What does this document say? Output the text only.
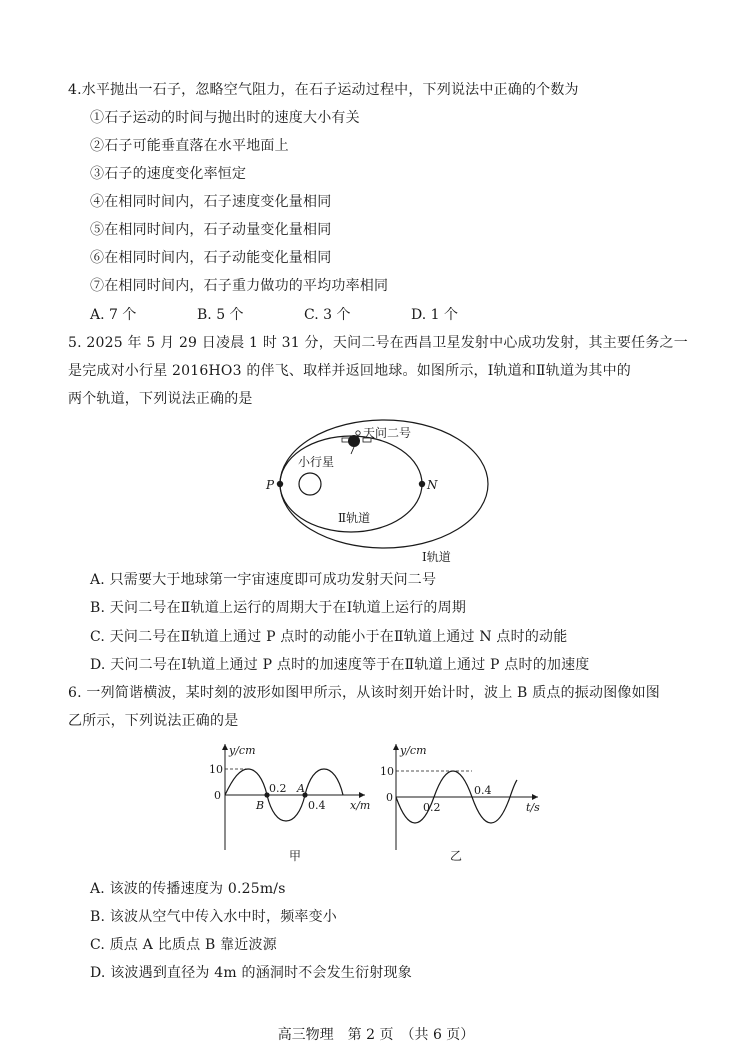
4.水平抛出一石子，忽略空气阻力，在石子运动过程中，下列说法中正确的个数为
①石子运动的时间与抛出时的速度大小有关
②石子可能垂直落在水平地面上
③石子的速度变化率恒定
④在相同时间内，石子速度变化量相同
⑤在相同时间内，石子动量变化量相同
⑥在相同时间内，石子动能变化量相同
⑦在相同时间内，石子重力做功的平均功率相同
A. 7 个	B. 5 个	C. 3 个	D. 1 个
5. 2025 年 5 月 29 日凌晨 1 时 31 分，天问二号在西昌卫星发射中心成功发射，其主要任务之一
是完成对小行星 2016HO3 的伴飞、取样并返回地球。如图所示，Ⅰ轨道和Ⅱ轨道为其中的
两个轨道，下列说法正确的是
小行星
P	N
天问二号
Ⅱ轨道
Ⅰ轨道
A. 只需要大于地球第一宇宙速度即可成功发射天问二号
B. 天问二号在Ⅱ轨道上运行的周期大于在Ⅰ轨道上运行的周期
C. 天问二号在Ⅱ轨道上通过 P 点时的动能小于在Ⅱ轨道上通过 N 点时的动能
D. 天问二号在Ⅰ轨道上通过 P 点时的加速度等于在Ⅱ轨道上通过 P 点时的加速度
6. 一列简谐横波，某时刻的波形如图甲所示，从该时刻开始计时，波上 B 质点的振动图像如图
乙所示，下列说法正确的是
y/cm
10
0
0.2
0.4
B
A
x/m
甲
y/cm
10
0
0.2
0.4
t/s
乙
A. 该波的传播速度为 0.25m/s
B. 该波从空气中传入水中时，频率变小
C. 质点 A 比质点 B 靠近波源
D. 该波遇到直径为 4m 的涵洞时不会发生衍射现象
高三物理　第 2 页　（共 6 页）
